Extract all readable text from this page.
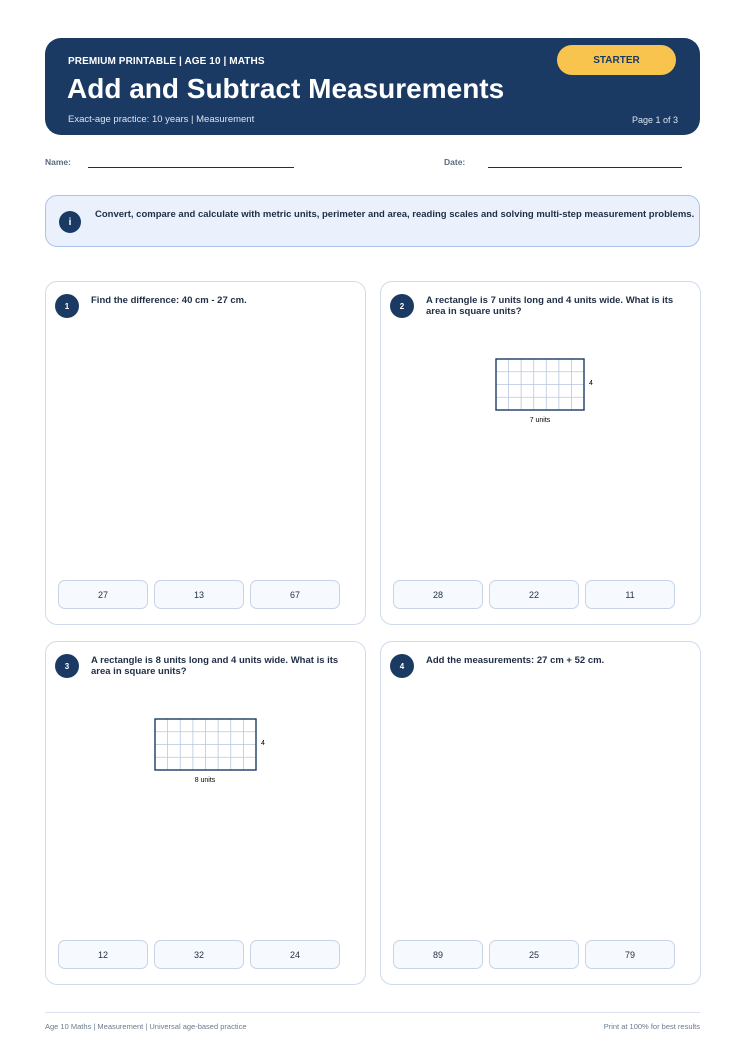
PREMIUM PRINTABLE | AGE 10 | MATHS
Add and Subtract Measurements
Exact-age practice: 10 years | Measurement	Page 1 of 3
STARTER
Name:	Date:
i
Convert, compare and calculate with metric units, perimeter and area, reading scales and solving multi-step measurement problems.
1	Find the difference: 40 cm - 27 cm.
27	13	67
2	A rectangle is 7 units long and 4 units wide. What is its area in square units?
4
7 units
28	22	11
3	A rectangle is 8 units long and 4 units wide. What is its area in square units?
4
8 units
12	32	24
4	Add the measurements: 27 cm + 52 cm.
89	25	79
Age 10 Maths | Measurement | Universal age-based practice	Print at 100% for best results
